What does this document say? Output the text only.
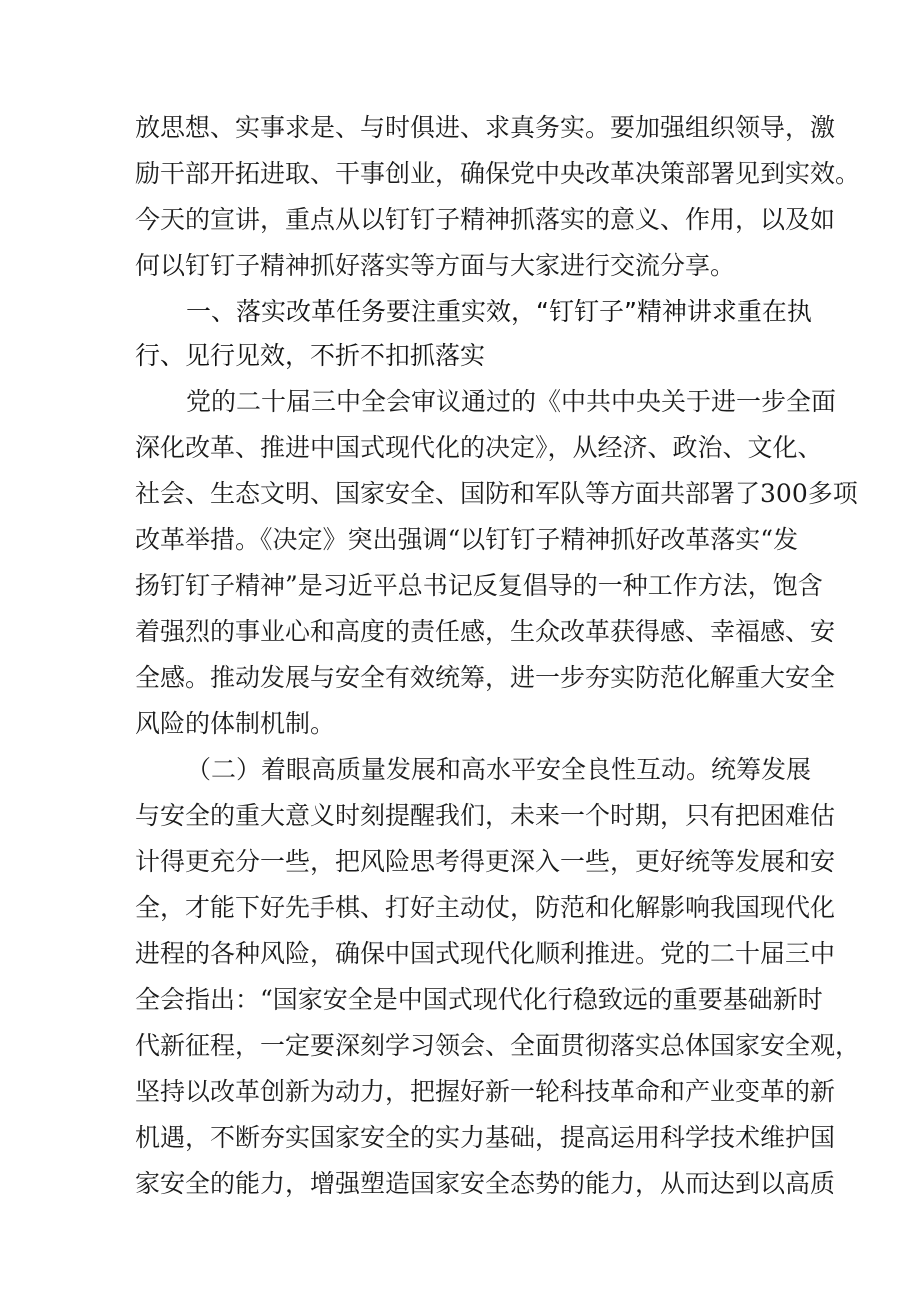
放思想、实事求是、与时俱进、求真务实。要加强组织领导，激

励干部开拓进取、干事创业，确保党中央改革决策部署见到实效。

今天的宣讲，重点从以钉钉子精神抓落实的意义、作用，以及如

何以钉钉子精神抓好落实等方面与大家进行交流分享。

一、落实改革任务要注重实效，“钉钉子”精神讲求重在执

行、见行见效，不折不扣抓落实

党的二十届三中全会审议通过的《中共中央关于进一步全面

深化改革、推进中国式现代化的决定》，从经济、政治、文化、

社会、生态文明、国家安全、国防和军队等方面共部署了300多项

改革举措。《决定》突出强调“以钉钉子精神抓好改革落实“发

扬钉钉子精神”是习近平总书记反复倡导的一种工作方法，饱含

着强烈的事业心和高度的责任感，生众改革获得感、幸福感、安

全感。推动发展与安全有效统筹，进一步夯实防范化解重大安全

风险的体制机制。

（二）着眼高质量发展和高水平安全良性互动。统筹发展

与安全的重大意义时刻提醒我们，未来一个时期，只有把困难估

计得更充分一些，把风险思考得更深入一些，更好统等发展和安

全，才能下好先手棋、打好主动仗，防范和化解影响我国现代化

进程的各种风险，确保中国式现代化顺利推进。党的二十届三中

全会指出：“国家安全是中国式现代化行稳致远的重要基础新时

代新征程，一定要深刻学习领会、全面贯彻落实总体国家安全观，

坚持以改革创新为动力，把握好新一轮科技革命和产业变革的新

机遇，不断夯实国家安全的实力基础，提高运用科学技术维护国

家安全的能力，增强塑造国家安全态势的能力，从而达到以高质
